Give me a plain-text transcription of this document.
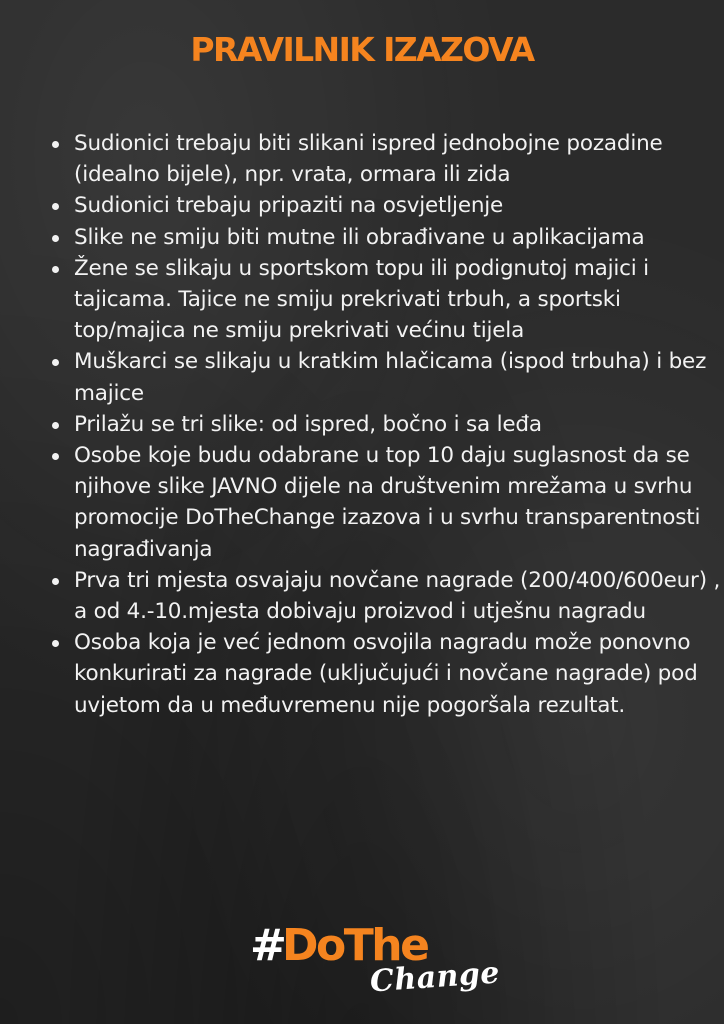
PRAVILNIK IZAZOVA
Sudionici trebaju biti slikani ispred jednobojne pozadine (idealno bijele), npr. vrata, ormara ili zida
Sudionici trebaju pripaziti na osvjetljenje
Slike ne smiju biti mutne ili obrađivane u aplikacijama
Žene se slikaju u sportskom topu ili podignutoj majici i tajicama. Tajice ne smiju prekrivati trbuh, a sportski top/majica ne smiju prekrivati većinu tijela
Muškarci se slikaju u kratkim hlačicama (ispod trbuha) i bez majice
Prilažu se tri slike: od ispred, bočno i sa leđa
Osobe koje budu odabrane u top 10 daju suglasnost da se njihove slike JAVNO dijele na društvenim mrežama u svrhu promocije DoTheChange izazova i u svrhu transparentnosti nagrađivanja
Prva tri mjesta osvajaju novčane nagrade (200/400/600eur) , a od 4.-10.mjesta dobivaju proizvod i utješnu nagradu
Osoba koja je već jednom osvojila nagradu može ponovno konkurirati za nagrade (uključujući i novčane nagrade) pod uvjetom da u međuvremenu nije pogoršala rezultat.
#
DoThe
Change
